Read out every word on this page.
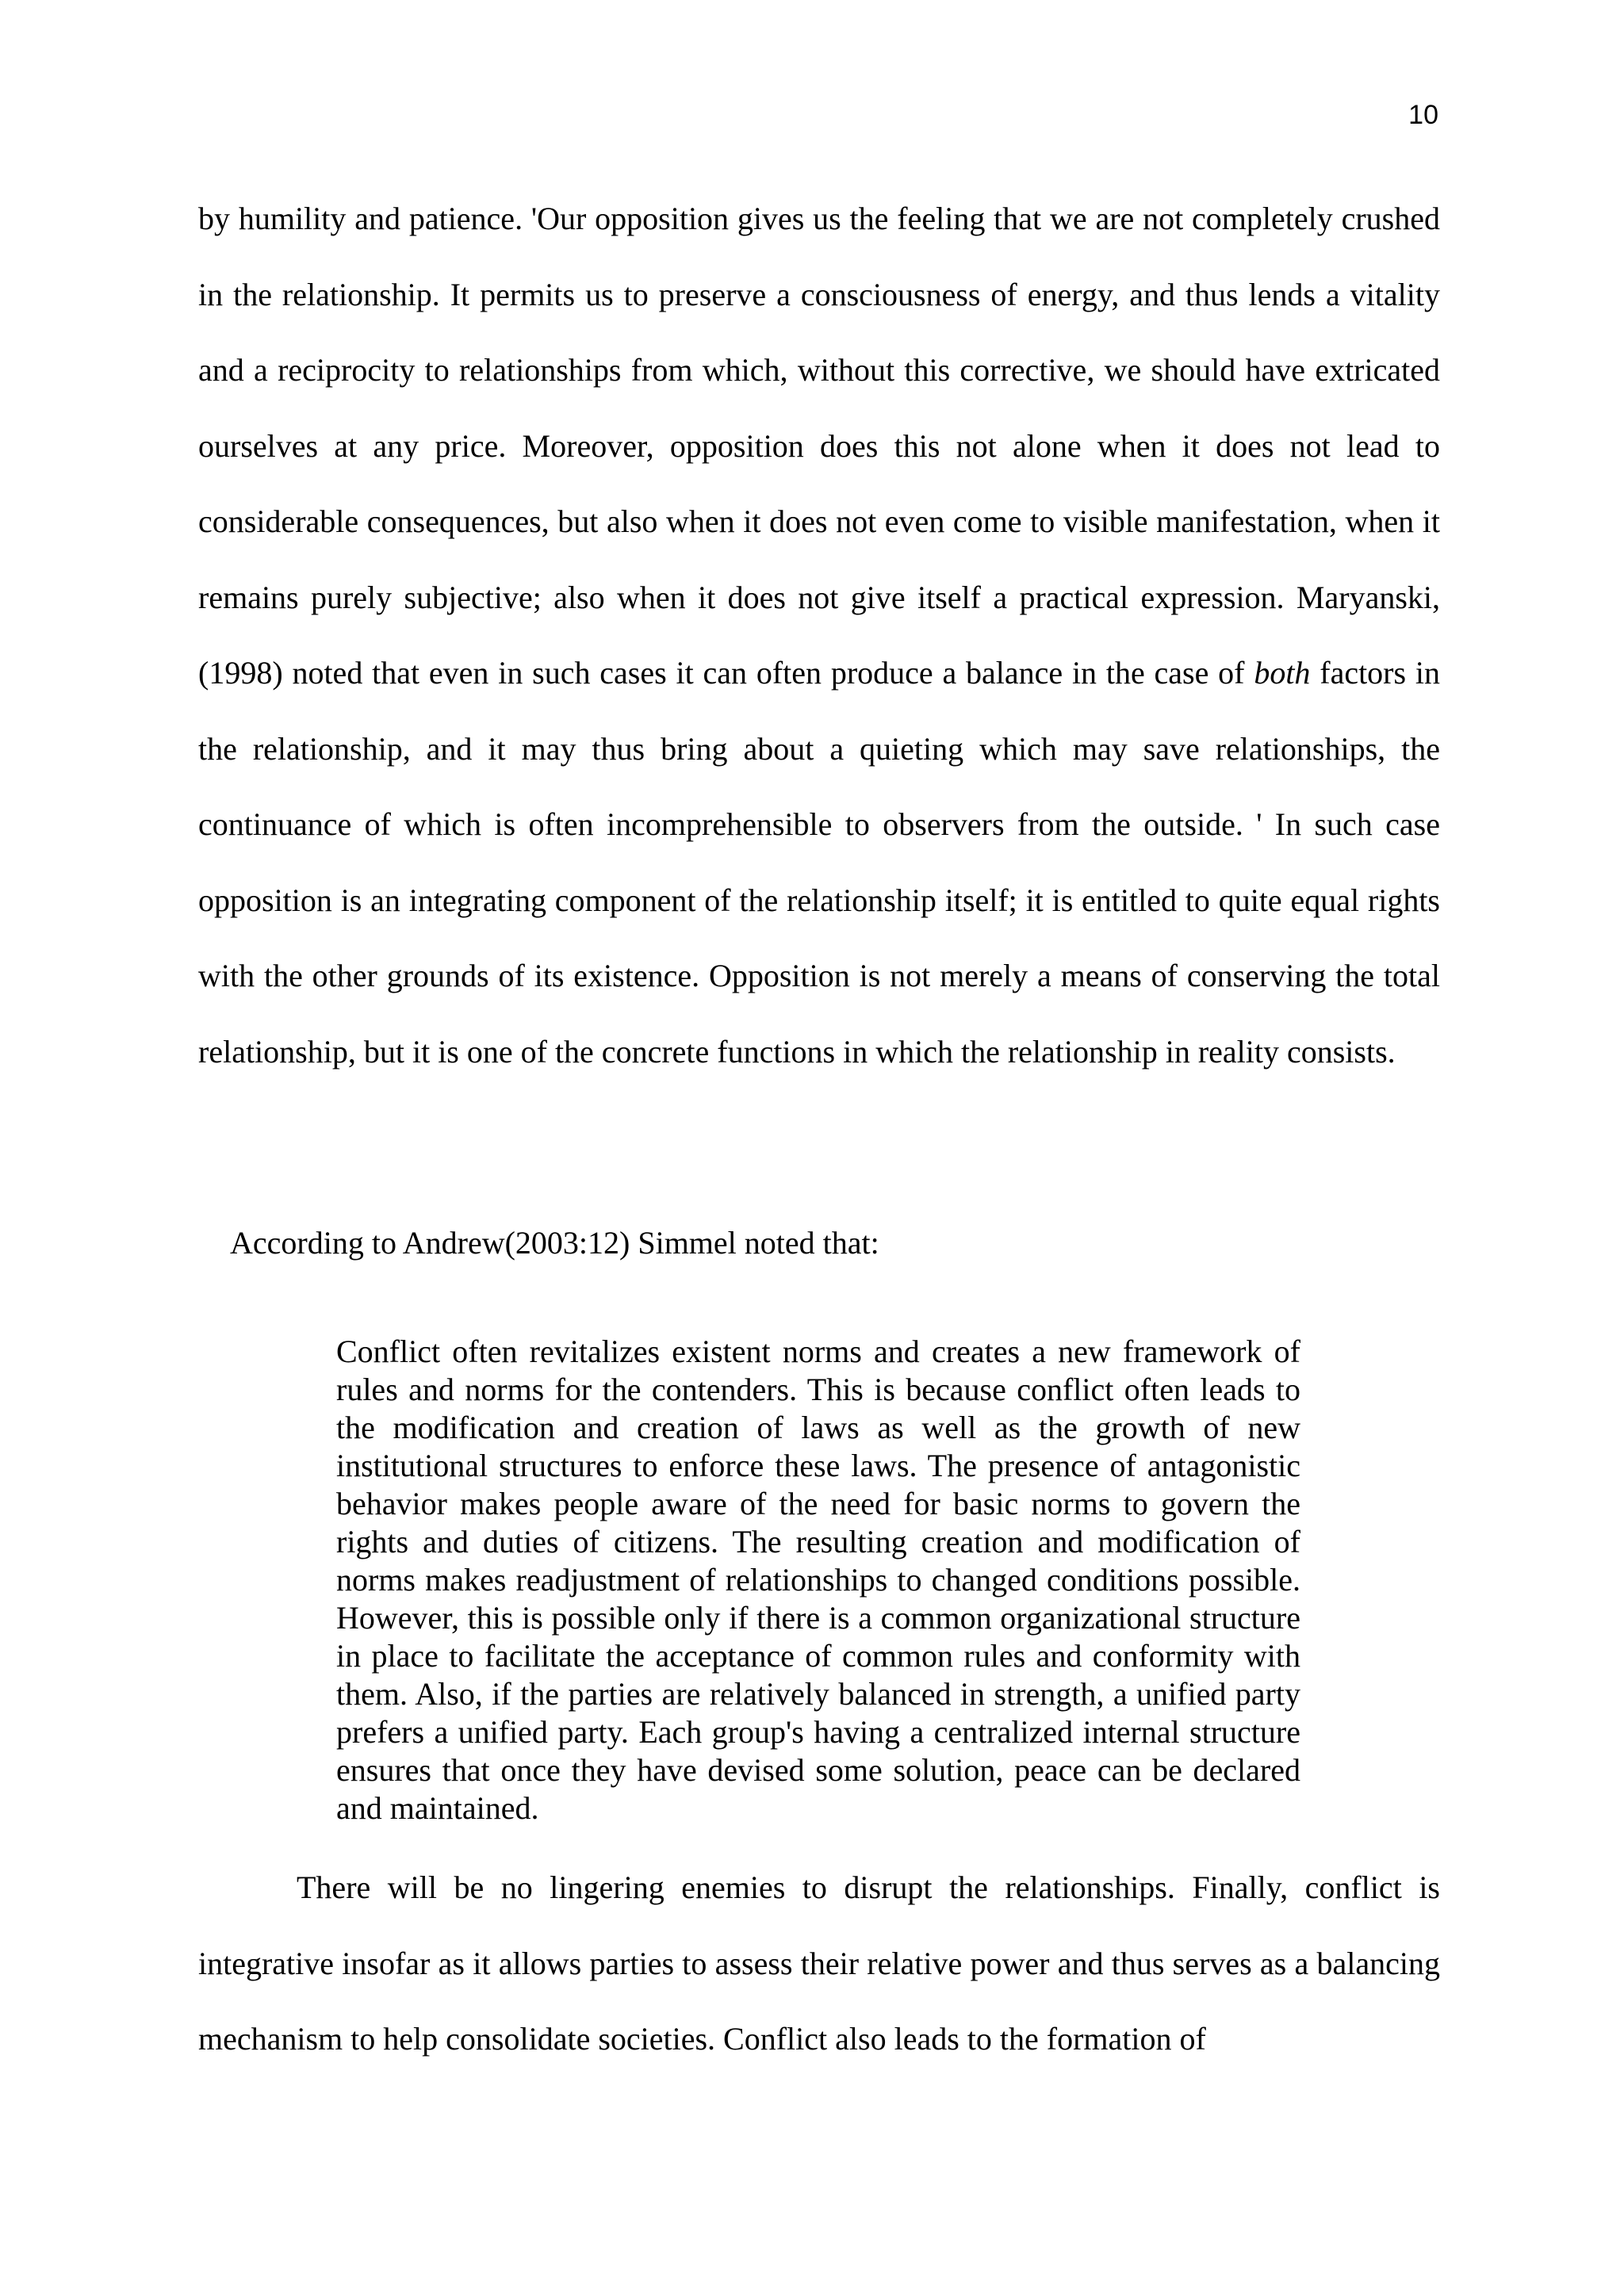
10

by humility and patience. 'Our opposition gives us the feeling that we are not completely crushed in the relationship. It permits us to preserve a consciousness of energy, and thus lends a vitality and a reciprocity to relationships from which, without this corrective, we should have extricated ourselves at any price. Moreover, opposition does this not alone when it does not lead to considerable consequences, but also when it does not even come to visible manifestation, when it remains purely subjective; also when it does not give itself a practical expression. Maryanski, (1998) noted that even in such cases it can often produce a balance in the case of both factors in the relationship, and it may thus bring about a quieting which may save relationships, the continuance of which is often incomprehensible to observers from the outside. ' In such case opposition is an integrating component of the relationship itself; it is entitled to quite equal rights with the other grounds of its existence. Opposition is not merely a means of conserving the total relationship, but it is one of the concrete functions in which the relationship in reality consists.

According to Andrew(2003:12) Simmel noted that:

Conflict often revitalizes existent norms and creates a new framework of rules and norms for the contenders. This is because conflict often leads to the modification and creation of laws as well as the growth of new institutional structures to enforce these laws. The presence of antagonistic behavior makes people aware of the need for basic norms to govern the rights and duties of citizens. The resulting creation and modification of norms makes readjustment of relationships to changed conditions possible. However, this is possible only if there is a common organizational structure in place to facilitate the acceptance of common rules and conformity with them. Also, if the parties are relatively balanced in strength, a unified party prefers a unified party. Each group's having a centralized internal structure ensures that once they have devised some solution, peace can be declared and maintained.

There will be no lingering enemies to disrupt the relationships. Finally, conflict is integrative insofar as it allows parties to assess their relative power and thus serves as a balancing mechanism to help consolidate societies. Conflict also leads to the formation of
